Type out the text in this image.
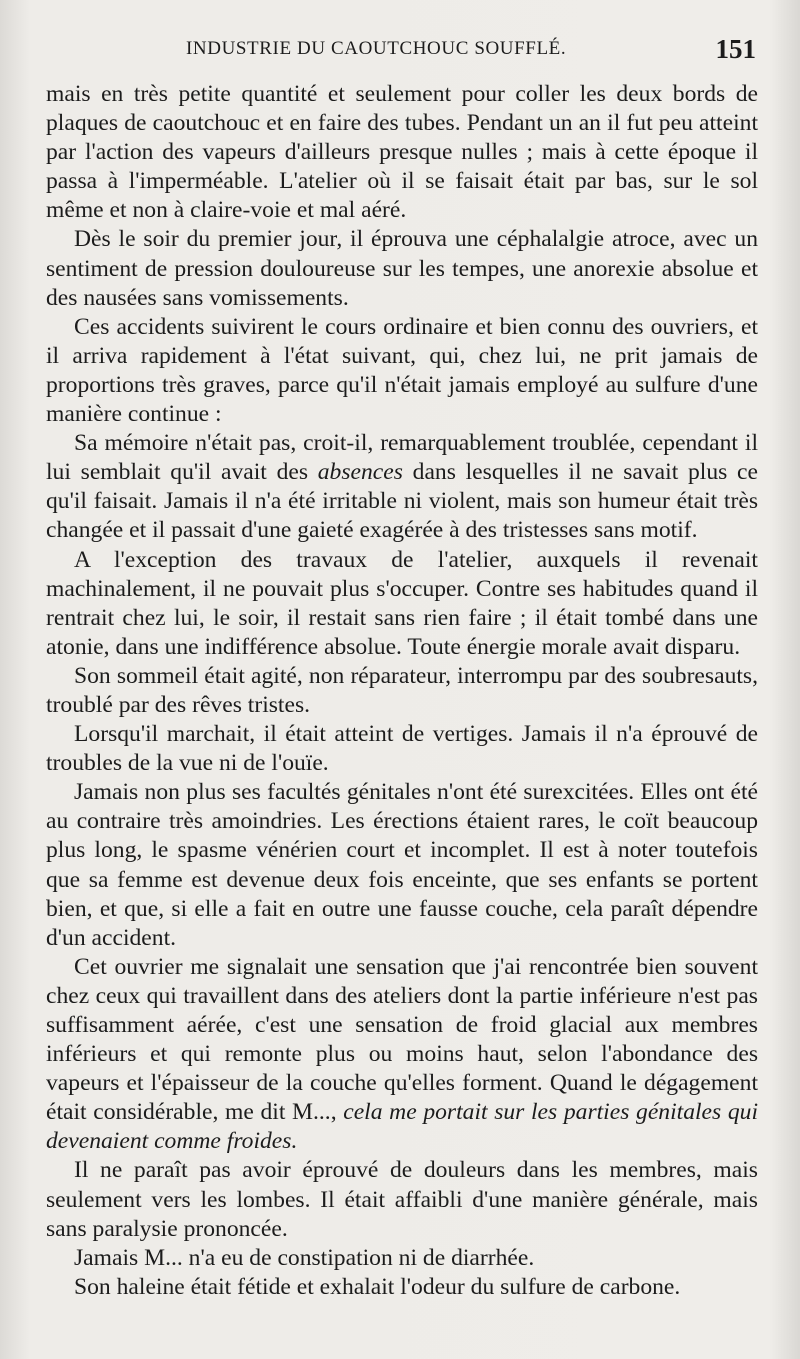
INDUSTRIE DU CAOUTCHOUC SOUFFLÉ.	151

mais en très petite quantité et seulement pour coller les deux bords de plaques de caoutchouc et en faire des tubes. Pendant un an il fut peu atteint par l'action des vapeurs d'ailleurs presque nulles ; mais à cette époque il passa à l'imperméable. L'atelier où il se faisait était par bas, sur le sol même et non à claire-voie et mal aéré.

Dès le soir du premier jour, il éprouva une céphalalgie atroce, avec un sentiment de pression douloureuse sur les tempes, une anorexie absolue et des nausées sans vomissements.

Ces accidents suivirent le cours ordinaire et bien connu des ouvriers, et il arriva rapidement à l'état suivant, qui, chez lui, ne prit jamais de proportions très graves, parce qu'il n'était jamais employé au sulfure d'une manière continue :

Sa mémoire n'était pas, croit-il, remarquablement troublée, cependant il lui semblait qu'il avait des absences dans lesquelles il ne savait plus ce qu'il faisait. Jamais il n'a été irritable ni violent, mais son humeur était très changée et il passait d'une gaieté exagérée à des tristesses sans motif.

A l'exception des travaux de l'atelier, auxquels il revenait machinalement, il ne pouvait plus s'occuper. Contre ses habitudes quand il rentrait chez lui, le soir, il restait sans rien faire ; il était tombé dans une atonie, dans une indifférence absolue. Toute énergie morale avait disparu.

Son sommeil était agité, non réparateur, interrompu par des soubresauts, troublé par des rêves tristes.

Lorsqu'il marchait, il était atteint de vertiges. Jamais il n'a éprouvé de troubles de la vue ni de l'ouïe.

Jamais non plus ses facultés génitales n'ont été surexcitées. Elles ont été au contraire très amoindries. Les érections étaient rares, le coït beaucoup plus long, le spasme vénérien court et incomplet. Il est à noter toutefois que sa femme est devenue deux fois enceinte, que ses enfants se portent bien, et que, si elle a fait en outre une fausse couche, cela paraît dépendre d'un accident.

Cet ouvrier me signalait une sensation que j'ai rencontrée bien souvent chez ceux qui travaillent dans des ateliers dont la partie inférieure n'est pas suffisamment aérée, c'est une sensation de froid glacial aux membres inférieurs et qui remonte plus ou moins haut, selon l'abondance des vapeurs et l'épaisseur de la couche qu'elles forment. Quand le dégagement était considérable, me dit M..., cela me portait sur les parties génitales qui devenaient comme froides.

Il ne paraît pas avoir éprouvé de douleurs dans les membres, mais seulement vers les lombes. Il était affaibli d'une manière générale, mais sans paralysie prononcée.

Jamais M... n'a eu de constipation ni de diarrhée.

Son haleine était fétide et exhalait l'odeur du sulfure de carbone.
